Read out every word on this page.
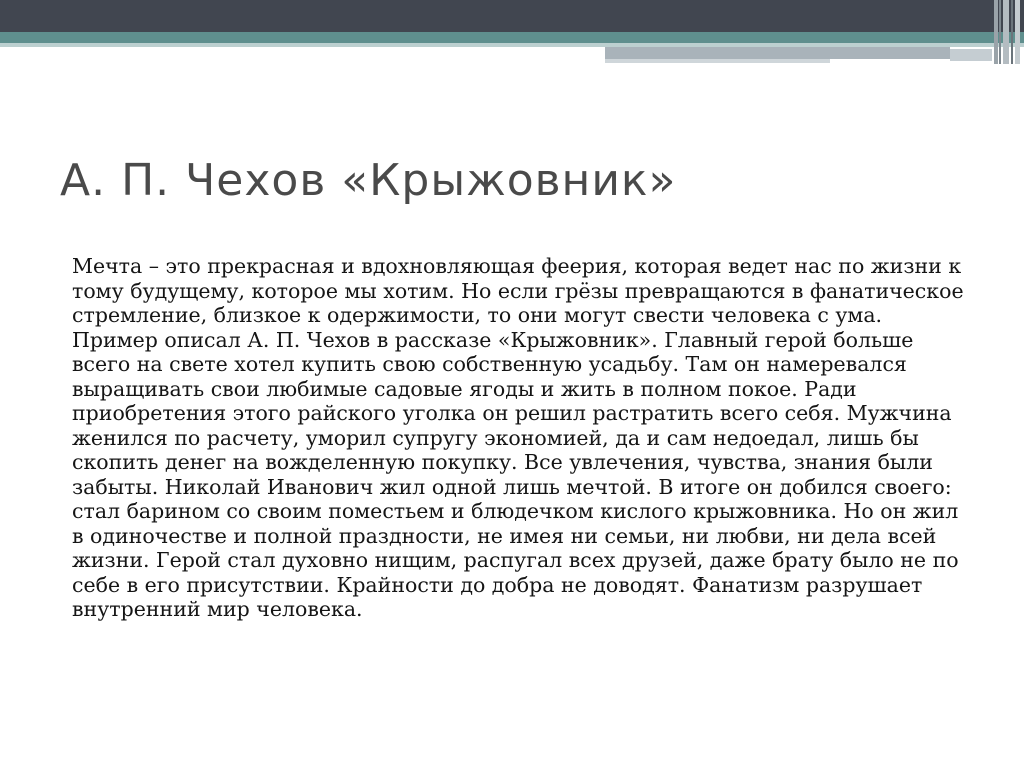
А. П. Чехов «Крыжовник»

Мечта – это прекрасная и вдохновляющая феерия, которая ведет нас по жизни к тому будущему, которое мы хотим. Но если грёзы превращаются в фанатическое стремление, близкое к одержимости, то они могут свести человека с ума. Пример описал А. П. Чехов в рассказе «Крыжовник». Главный герой больше всего на свете хотел купить свою собственную усадьбу. Там он намеревался выращивать свои любимые садовые ягоды и жить в полном покое. Ради приобретения этого райского уголка он решил растратить всего себя. Мужчина женился по расчету, уморил супругу экономией, да и сам недоедал, лишь бы скопить денег на вожделенную покупку. Все увлечения, чувства, знания были забыты. Николай Иванович жил одной лишь мечтой. В итоге он добился своего: стал барином со своим поместьем и блюдечком кислого крыжовника. Но он жил в одиночестве и полной праздности, не имея ни семьи, ни любви, ни дела всей жизни. Герой стал духовно нищим, распугал всех друзей, даже брату было не по себе в его присутствии. Крайности до добра не доводят. Фанатизм разрушает внутренний мир человека.
